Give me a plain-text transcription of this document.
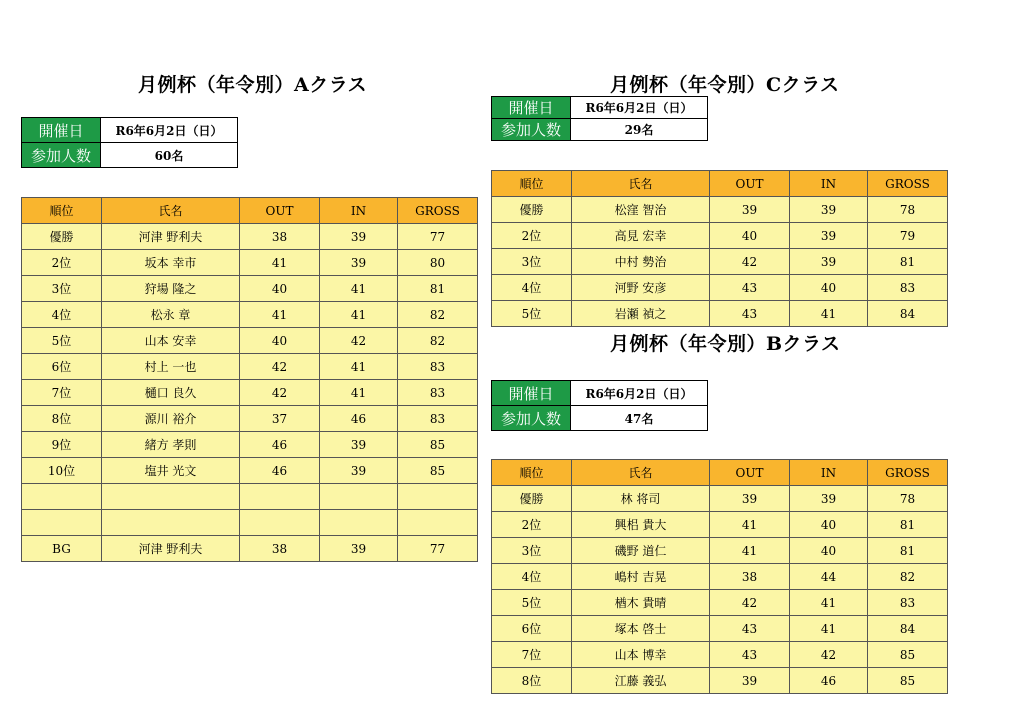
月例杯（年令別）Aクラス
開催日	R6年6月2日（日）
参加人数	60名
順位	氏名	OUT	IN	GROSS
優勝	河津 野利夫	38	39	77
2位	坂本 幸市	41	39	80
3位	狩場 隆之	40	41	81
4位	松永 章	41	41	82
5位	山本 安幸	40	42	82
6位	村上 一也	42	41	83
7位	樋口 良久	42	41	83
8位	源川 裕介	37	46	83
9位	緒方 孝則	46	39	85
10位	塩井 光文	46	39	85

BG	河津 野利夫	38	39	77
月例杯（年令別）Cクラス
開催日	R6年6月2日（日）
参加人数	29名
順位	氏名	OUT	IN	GROSS
優勝	松窪 智治	39	39	78
2位	高見 宏幸	40	39	79
3位	中村 勢治	42	39	81
4位	河野 安彦	43	40	83
5位	岩瀬 禎之	43	41	84
月例杯（年令別）Bクラス
開催日	R6年6月2日（日）
参加人数	47名
順位	氏名	OUT	IN	GROSS
優勝	林 将司	39	39	78
2位	興梠 貴大	41	40	81
3位	磯野 道仁	41	40	81
4位	嶋村 吉晃	38	44	82
5位	楢木 貴晴	42	41	83
6位	塚本 啓士	43	41	84
7位	山本 博幸	43	42	85
8位	江藤 義弘	39	46	85
